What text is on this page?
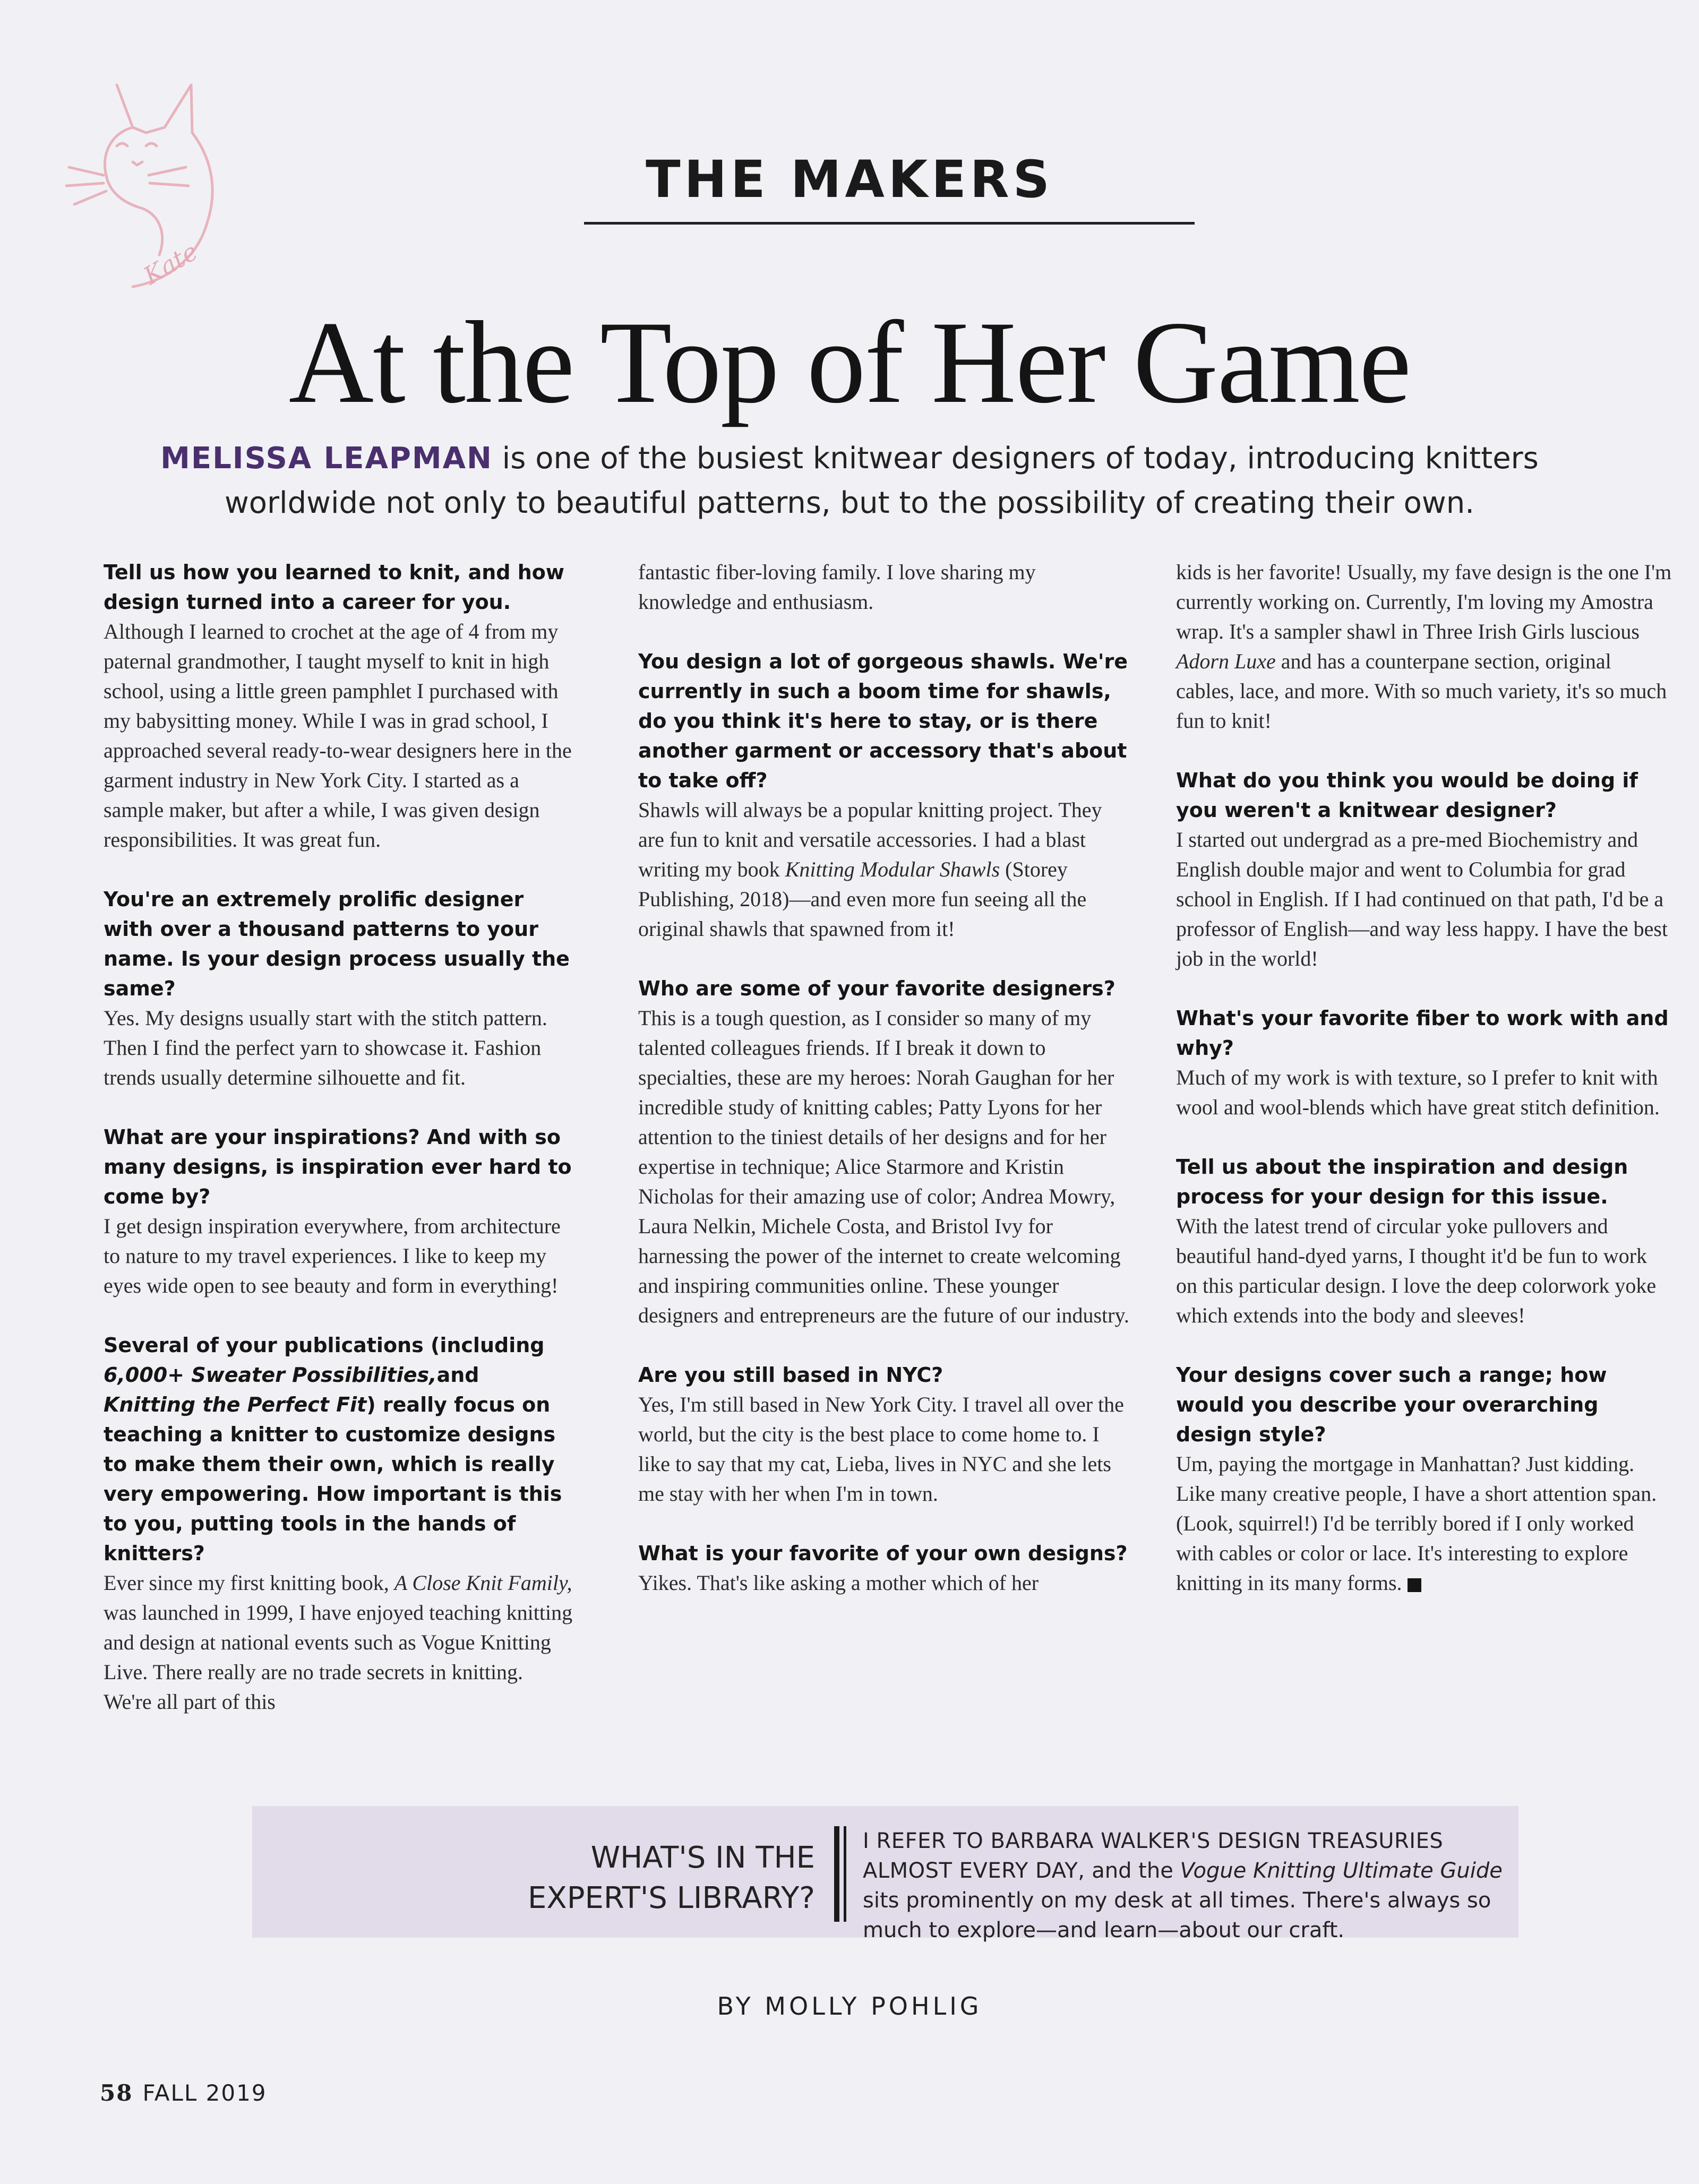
Kate
THE MAKERS
At the Top of Her Game
MELISSA LEAPMAN is one of the busiest knitwear designers of today, introducing knitters worldwide not only to beautiful patterns, but to the possibility of creating their own.

Tell us how you learned to knit, and how design turned into a career for you.

Although I learned to crochet at the age of 4 from my paternal grandmother, I taught myself to knit in high school, using a little green pamphlet I purchased with my babysitting money. While I was in grad school, I approached several ready-to-wear designers here in the garment industry in New York City. I started as a sample maker, but after a while, I was given design responsibilities. It was great fun.

You're an extremely prolific designer with over a thousand patterns to your name. Is your design process usually the same?

Yes. My designs usually start with the stitch pattern. Then I find the perfect yarn to showcase it. Fashion trends usually determine silhouette and fit.

What are your inspirations? And with so many designs, is inspiration ever hard to come by?

I get design inspiration everywhere, from architecture to nature to my travel experiences. I like to keep my eyes wide open to see beauty and form in everything!

Several of your publications (including 6,000+ Sweater Possibilities,and Knitting the Perfect Fit) really focus on teaching a knitter to customize designs to make them their own, which is really very empowering. How important is this to you, putting tools in the hands of knitters?

Ever since my first knitting book, A Close Knit Family, was launched in 1999, I have enjoyed teaching knitting and design at national events such as Vogue Knitting Live. There really are no trade secrets in knitting. We're all part of this

fantastic fiber-loving family. I love sharing my knowledge and enthusiasm.

You design a lot of gorgeous shawls. We're currently in such a boom time for shawls, do you think it's here to stay, or is there another garment or accessory that's about to take off?

Shawls will always be a popular knitting project. They are fun to knit and versatile accessories. I had a blast writing my book Knitting Modular Shawls (Storey Publishing, 2018)—and even more fun seeing all the original shawls that spawned from it!

Who are some of your favorite designers?

This is a tough question, as I consider so many of my talented colleagues friends. If I break it down to specialties, these are my heroes: Norah Gaughan for her incredible study of knitting cables; Patty Lyons for her attention to the tiniest details of her designs and for her expertise in technique; Alice Starmore and Kristin Nicholas for their amazing use of color; Andrea Mowry, Laura Nelkin, Michele Costa, and Bristol Ivy for harnessing the power of the internet to create welcoming and inspiring communities online. These younger designers and entrepreneurs are the future of our industry.

Are you still based in NYC?

Yes, I'm still based in New York City. I travel all over the world, but the city is the best place to come home to. I like to say that my cat, Lieba, lives in NYC and she lets me stay with her when I'm in town.

What is your favorite of your own designs?

Yikes. That's like asking a mother which of her

kids is her favorite! Usually, my fave design is the one I'm currently working on. Currently, I'm loving my Amostra wrap. It's a sampler shawl in Three Irish Girls luscious Adorn Luxe and has a counterpane section, original cables, lace, and more. With so much variety, it's so much fun to knit!

What do you think you would be doing if you weren't a knitwear designer?

I started out undergrad as a pre-med Biochemistry and English double major and went to Columbia for grad school in English. If I had continued on that path, I'd be a professor of English—and way less happy. I have the best job in the world!

What's your favorite fiber to work with and why?

Much of my work is with texture, so I prefer to knit with wool and wool-blends which have great stitch definition.

Tell us about the inspiration and design process for your design for this issue.

With the latest trend of circular yoke pullovers and beautiful hand-dyed yarns, I thought it'd be fun to work on this particular design. I love the deep colorwork yoke which extends into the body and sleeves!

Your designs cover such a range; how would you describe your overarching design style?

Um, paying the mortgage in Manhattan? Just kidding. Like many creative people, I have a short attention span. (Look, squirrel!) I'd be terribly bored if I only worked with cables or color or lace. It's interesting to explore knitting in its many forms.

WHAT'S IN THE
EXPERT'S LIBRARY?
I REFER TO BARBARA WALKER'S DESIGN TREASURIES ALMOST EVERY DAY, and the Vogue Knitting Ultimate Guide sits prominently on my desk at all times. There's always so much to explore—and learn—about our craft.
BY MOLLY POHLIG
58 FALL 2019
